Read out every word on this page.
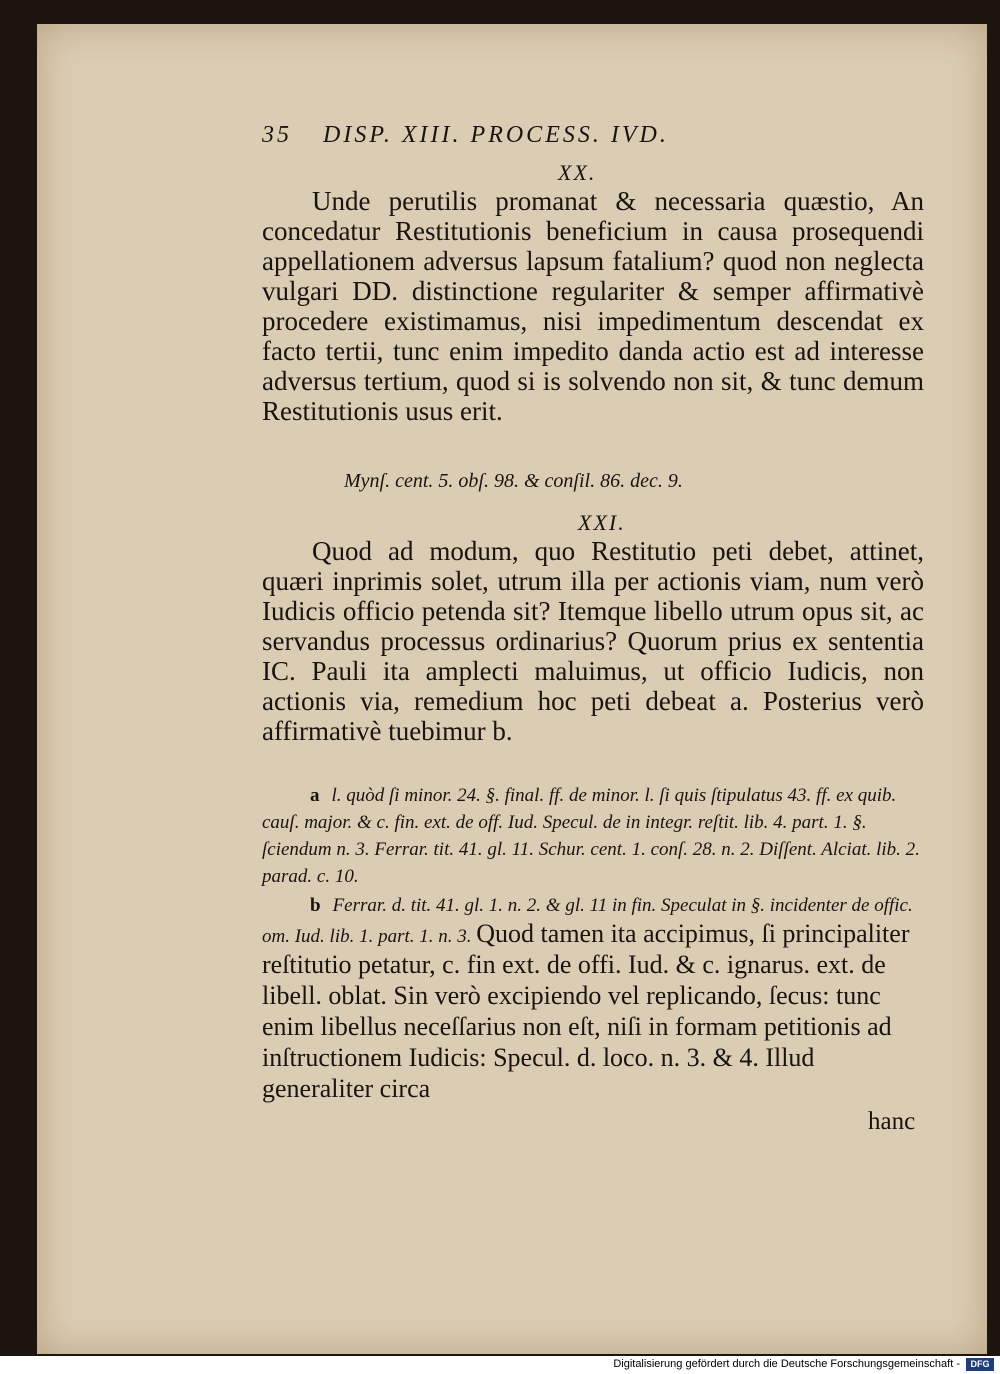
35 DISP. XIII. PROCESS. IVD.
XX.
Unde perutilis promanat & necessaria quæstio, An concedatur Restitutionis beneficium in causa prosequendi appellationem adversus lapsum fatalium? quod non neglecta vulgari DD. distinctione regulariter & semper affirmativè procedere existimamus, nisi impedimentum descendat ex facto tertii, tunc enim impedito danda actio est ad interesse adversus tertium, quod si is solvendo non sit, & tunc demum Restitutionis usus erit.
Mynſ. cent. 5. obſ. 98. & conſil. 86. dec. 9.
XXI.
Quod ad modum, quo Restitutio peti debet, attinet, quæri inprimis solet, utrum illa per actionis viam, num verò Iudicis officio petenda sit? Itemque libello utrum opus sit, ac servandus processus ordinarius? Quorum prius ex sententia IC. Pauli ita amplecti maluimus, ut officio Iudicis, non actionis via, remedium hoc peti debeat a. Posterius verò affirmativè tuebimur b.
a l. quòd ſi minor. 24. §. final. ff. de minor. l. ſi quis ſtipulatus 43. ff. ex quib. cauſ. major. & c. fin. ext. de off. Iud. Specul. de in integr. reſtit. lib. 4. part. 1. §. ſciendum n. 3. Ferrar. tit. 41. gl. 11. Schur. cent. 1. conſ. 28. n. 2. Diſſent. Alciat. lib. 2. parad. c. 10.
b Ferrar. d. tit. 41. gl. 1. n. 2. & gl. 11 in fin. Speculat in §. incidenter de offic. om. Iud. lib. 1. part. 1. n. 3. Quod tamen ita accipimus, ſi principaliter reſtitutio petatur, c. fin ext. de offi. Iud. & c. ignarus. ext. de libell. oblat. Sin verò excipiendo vel replicando, ſecus: tunc enim libellus neceſſarius non eſt, niſi in formam petitionis ad inſtructionem Iudicis: Specul. d. loco. n. 3. & 4. Illud generaliter circa
hanc
Digitalisierung gefördert durch die Deutsche Forschungsgemeinschaft -	DFG
